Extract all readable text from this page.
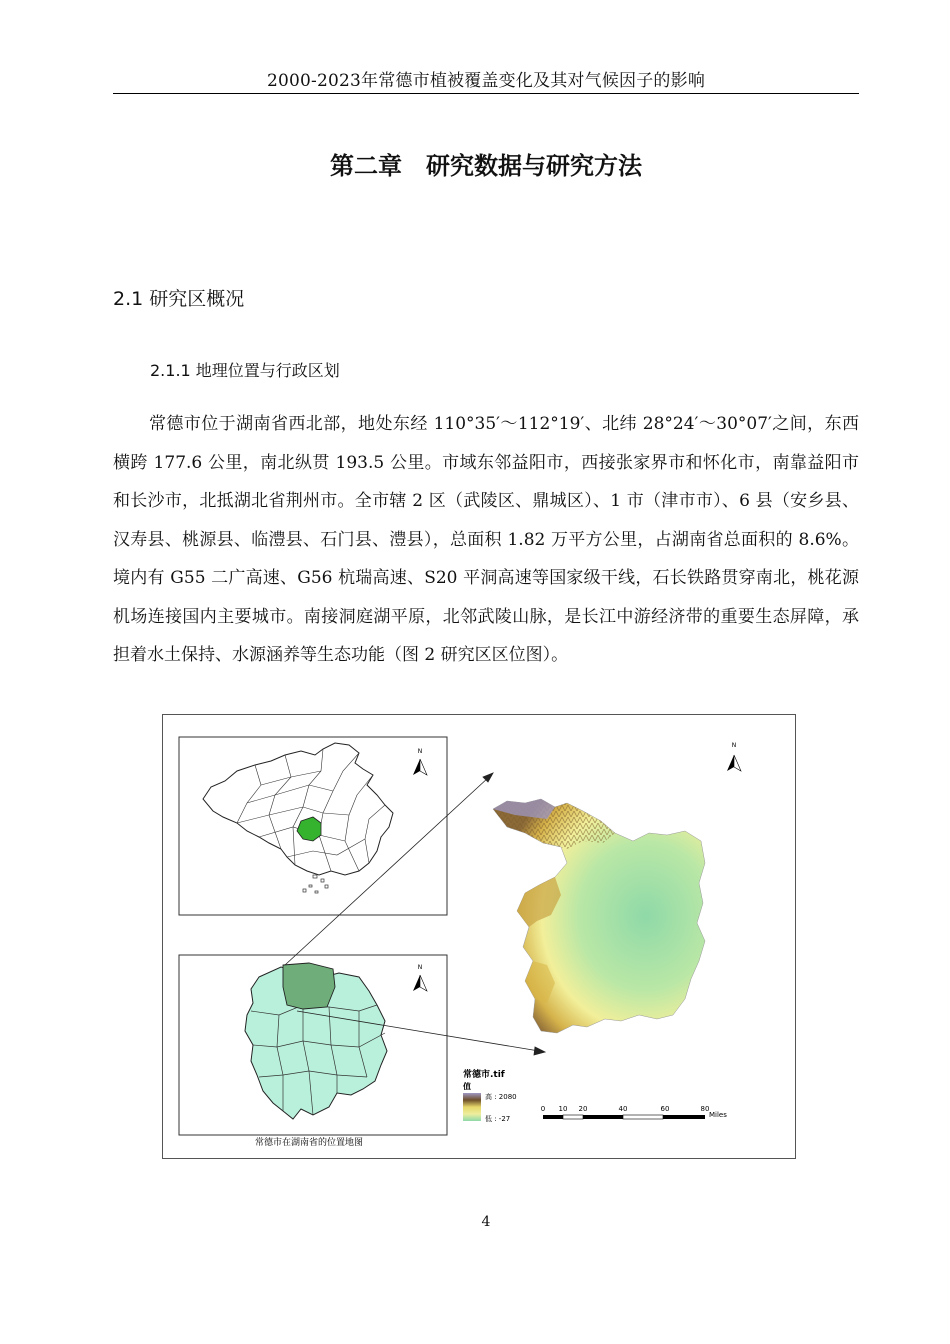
2000-2023年常德市植被覆盖变化及其对气候因子的影响
第二章　研究数据与研究方法
2.1 研究区概况
2.1.1 地理位置与行政区划

常德市位于湖南省西北部，地处东经 110°35′～112°19′、北纬 28°24′～30°07′之间，东西横跨 177.6 公里，南北纵贯 193.5 公里。市域东邻益阳市，西接张家界市和怀化市，南靠益阳市和长沙市，北抵湖北省荆州市。全市辖 2 区（武陵区、鼎城区）、1 市（津市市）、6 县（安乡县、汉寿县、桃源县、临澧县、石门县、澧县），总面积 1.82 万平方公里，占湖南省总面积的 8.6%。境内有 G55 二广高速、G56 杭瑞高速、S20 平洞高速等国家级干线，石长铁路贯穿南北，桃花源机场连接国内主要城市。南接洞庭湖平原，北邻武陵山脉，是长江中游经济带的重要生态屏障，承担着水土保持、水源涵养等生态功能（图 2 研究区区位图）。

N
N
常德市在湖南省的位置地图
N
常德市.tif
值
高 : 2080
低 : -27
0 10 20	40	60	80
Miles
4
